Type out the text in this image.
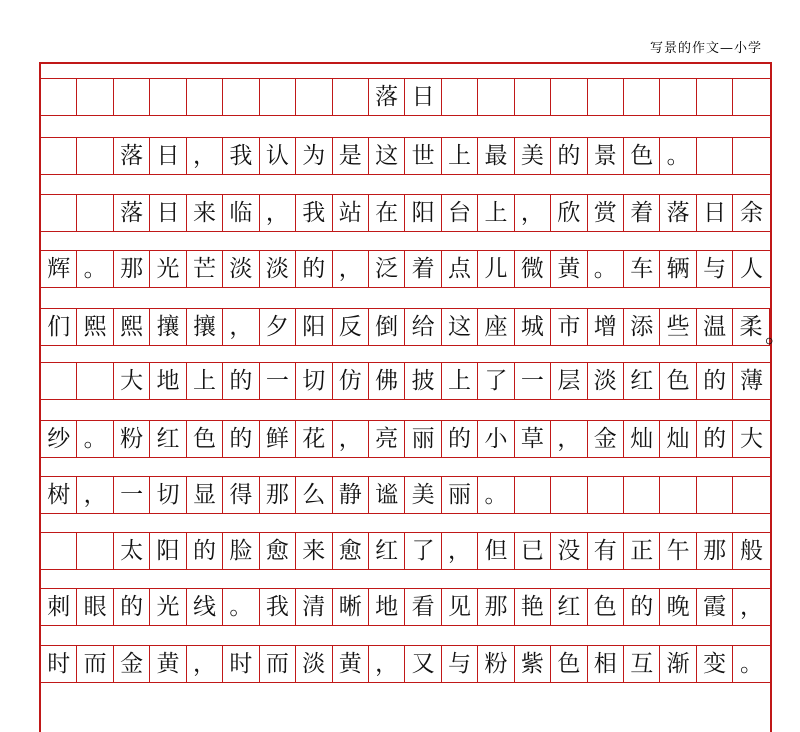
写景的作文—小学
落 日
落 日 ， 我 认 为 是 这 世 上 最 美 的 景 色 。
落 日 来 临 ， 我 站 在 阳 台 上 ， 欣 赏 着 落 日 余
辉 。 那 光 芒 淡 淡 的 ， 泛 着 点 儿 微 黄 。 车 辆 与 人
们 熙 熙 攘 攘 ， 夕 阳 反 倒 给 这 座 城 市 增 添 些 温 柔 。
大 地 上 的 一 切 仿 佛 披 上 了 一 层 淡 红 色 的 薄
纱 。 粉 红 色 的 鲜 花 ， 亮 丽 的 小 草 ， 金 灿 灿 的 大
树 ， 一 切 显 得 那 么 静 谧 美 丽 。
太 阳 的 脸 愈 来 愈 红 了 ， 但 已 没 有 正 午 那 般
刺 眼 的 光 线 。 我 清 晰 地 看 见 那 艳 红 色 的 晚 霞 ，
时 而 金 黄 ， 时 而 淡 黄 ， 又 与 粉 紫 色 相 互 渐 变 。
